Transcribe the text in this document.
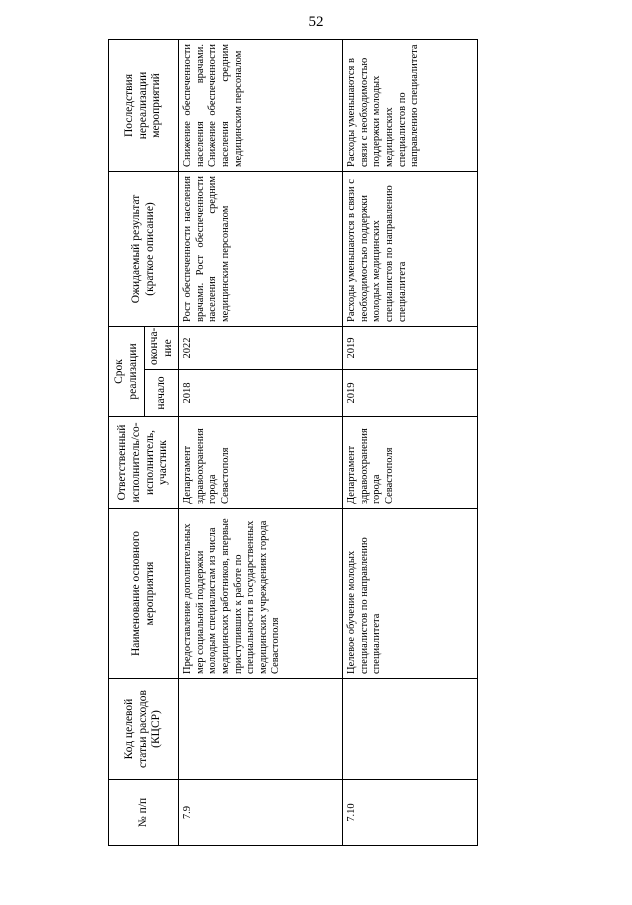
52
№ п/п	Код целевой статьи расходов (КЦСР)	Наименование основного мероприятия	Ответственный исполнитель/со-исполнитель, участник	Срок реализации		Ожидаемый результат (краткое описание)	Последствия нереализации мероприятий
				начало	оконча-ние		
7.9		Предоставление дополнительных мер социальной поддержки молодым специалистам из числа медицинских работников, впервые приступивших к работе по специальности в государственных медицинских учреждениях города Севастополя	Департамент здравоохранения города Севастополя	2018	2022	Рост обеспеченности населения врачами. Рост обеспеченности населения средним медицинским персоналом	Снижение обеспеченности населения врачами. Снижение обеспеченности населения средним медицинским персоналом
7.10		Целевое обучение молодых специалистов по направлению специалитета	Департамент здравоохранения города Севастополя	2019	2019	Расходы уменьшаются в связи с необходимостью поддержки молодых медицинских специалистов по направлению специалитета	Расходы уменьшаются в связи с необходимостью поддержки молодых медицинских специалистов по направлению специалитета
